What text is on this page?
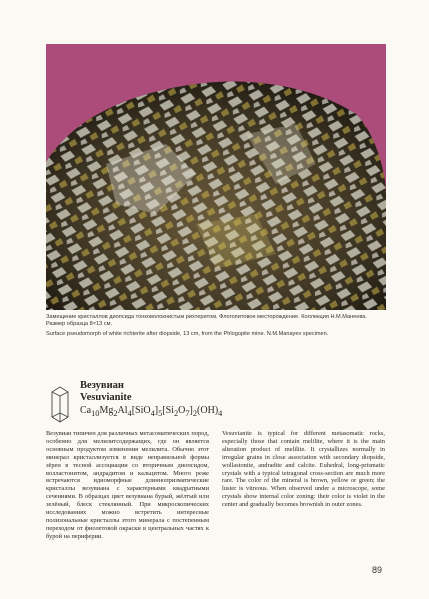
Замещение кристаллов диопсида тонковолокнистым рихтеритом. Флогопитовое месторождение. Коллекция Н.М.Манеева. Размер образца 8×13 см.
Surface pseudomorph of white richterite after diopside, 13 cm, from the Phlogopite mine. N.M.Manayev specimen.

Везувиан

Vesuvianite

$Ca_{10}Mg_2Al_4[SiO_4]_5[Si_2O_7]_2(OH)_4$

Везувиан типичен для различных метасоматических пород, особенно для мелилитсодержащих, где он является основным продуктом изменения мелилита. Обычно этот минерал кристаллизуется в виде неправильной формы зёрен в тесной ассоциации со вторичным диопсидом, волластонитом, андрадитом и кальцитом. Много реже встречаются идиоморфные длиннопризматические кристаллы везувиана с характерными квадратными сечениями. В образцах цвет везувиана бурый, жёлтый или зелёный, блеск стеклянный. При микроскопических исследованиях можно встретить интересные полизональные кристаллы этого минерала с постепенным переходом от фиолетовой окраски в центральных частях к бурой на периферии.
Vesuvianite is typical for different metasomatic rocks, especially those that contain melilite, where it is the main alteration product of melilite. It crystallizes normally in irregular grains in close association with secondary diopside, wollastonite, andradite and calcite. Euhedral, long-prismatic crystals with a typical tetragonal cross-section are much more rare. The color of the mineral is brown, yellow or green; the luster is vitreous. When observed under a microscope, some crystals show internal color zoning: their color is violet in the center and gradually becomes brownish in outer zones.
89
